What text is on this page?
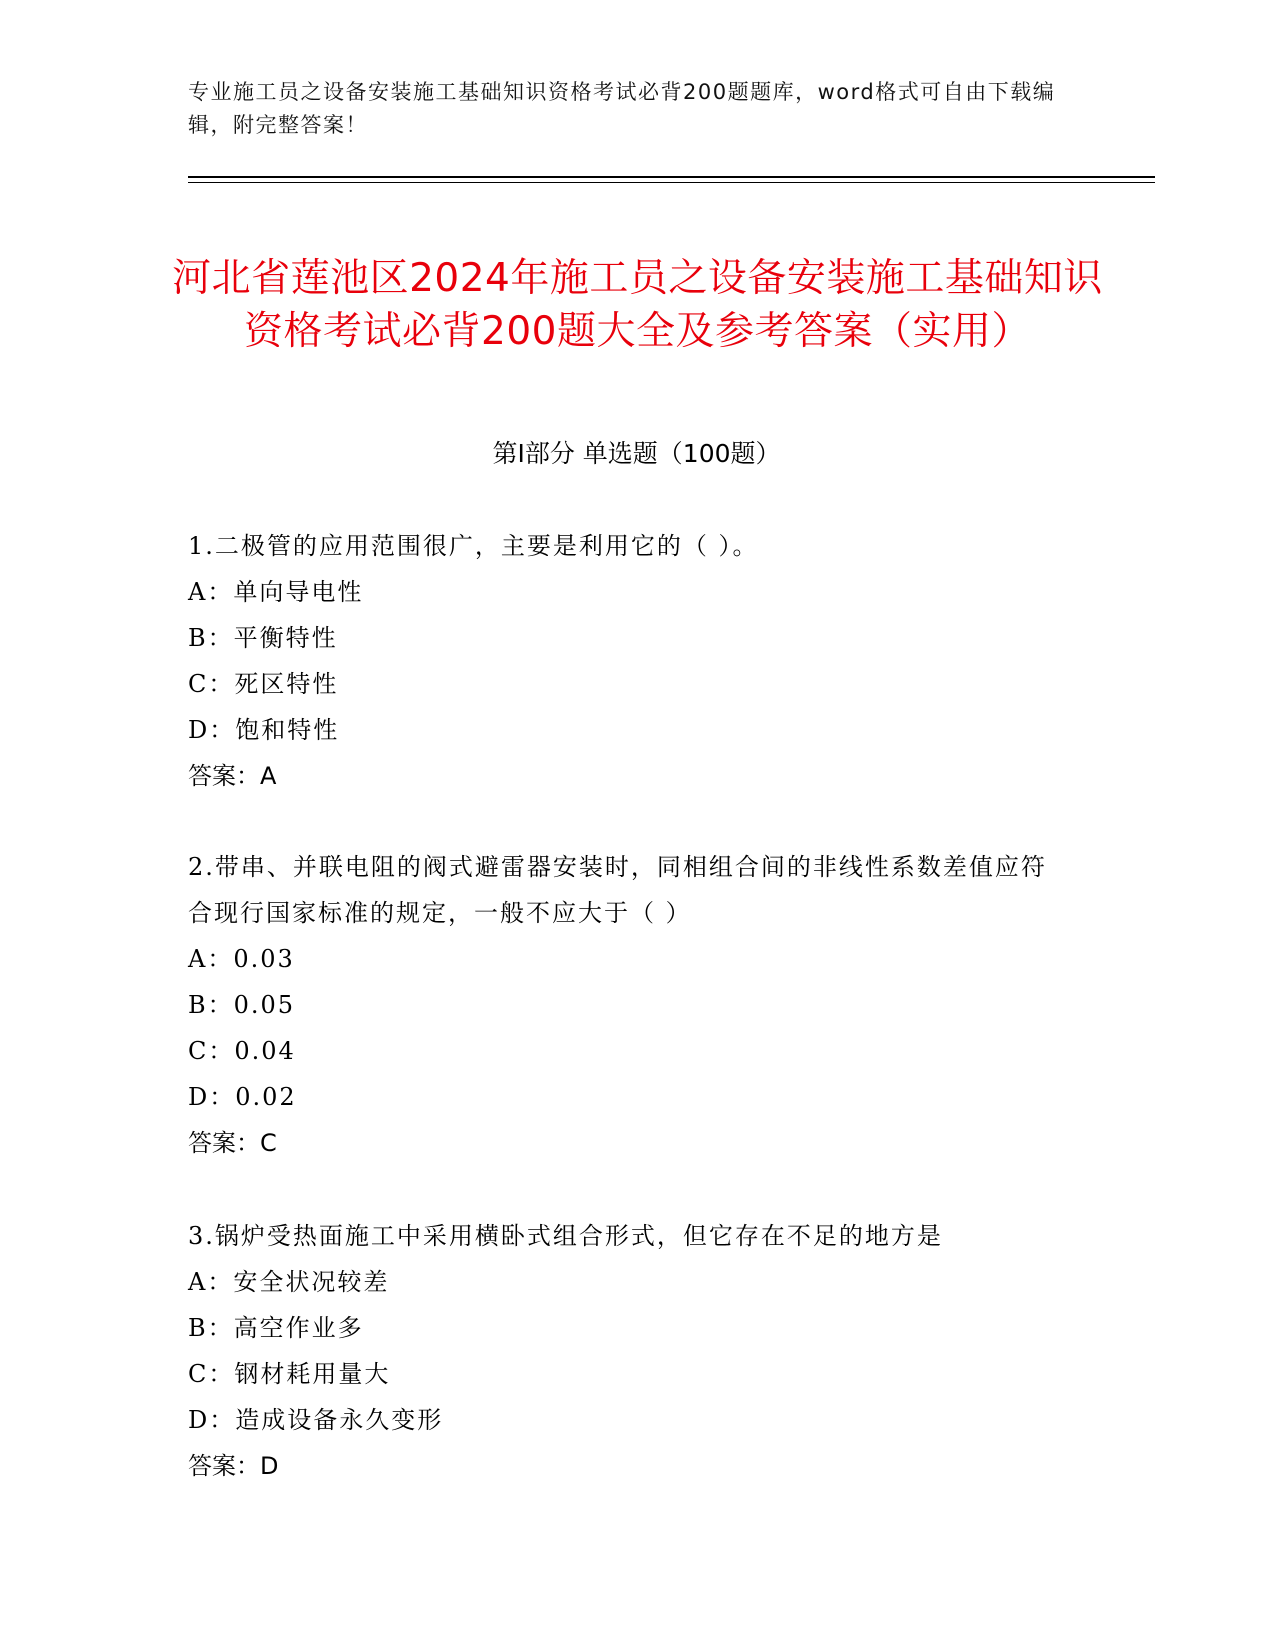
专业施工员之设备安装施工基础知识资格考试必背200题题库，word格式可自由下载编辑，附完整答案！
河北省莲池区2024年施工员之设备安装施工基础知识资格考试必背200题大全及参考答案（实用）
第Ⅰ部分 单选题（100题）

1.二极管的应用范围很广，主要是利用它的（ ）。

A：单向导电性

B：平衡特性

C：死区特性

D：饱和特性

答案：A

2.带串、并联电阻的阀式避雷器安装时，同相组合间的非线性系数差值应符合现行国家标准的规定，一般不应大于（ ）

A：0.03

B：0.05

C：0.04

D：0.02

答案：C

3.锅炉受热面施工中采用横卧式组合形式，但它存在不足的地方是

A：安全状况较差

B：高空作业多

C：钢材耗用量大

D：造成设备永久变形

答案：D
